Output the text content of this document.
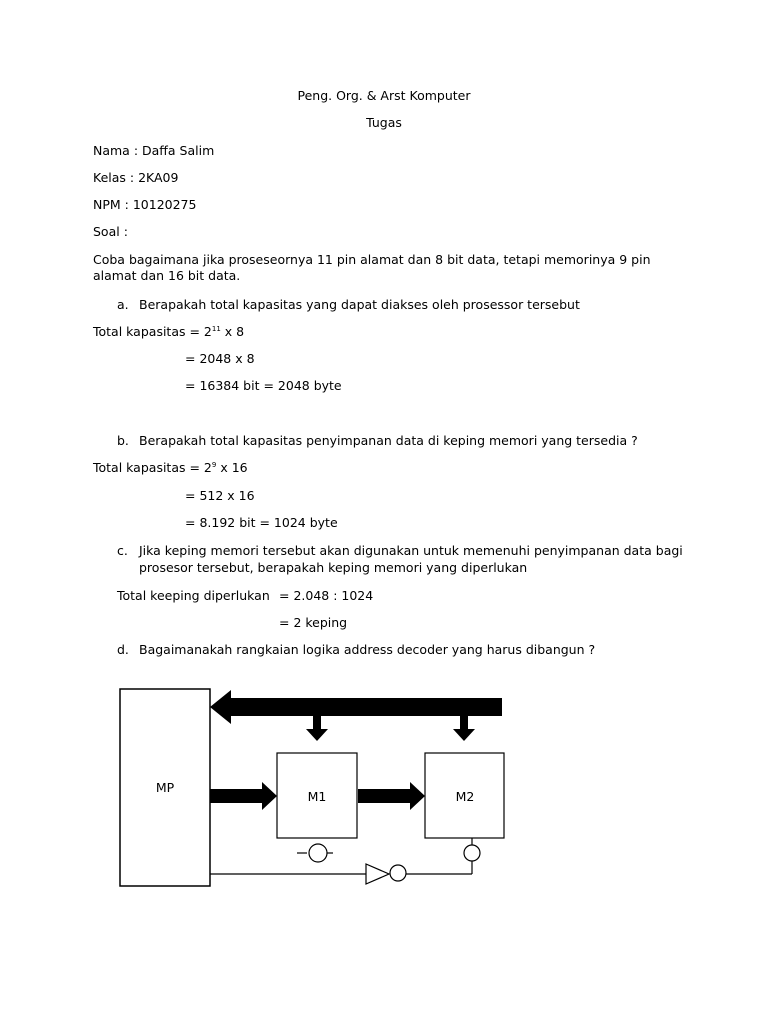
Peng. Org. & Arst Komputer
Tugas
Nama : Daffa Salim
Kelas : 2KA09
NPM : 10120275
Soal :
Coba bagaimana jika proseseornya 11 pin alamat dan 8 bit data, tetapi memorinya 9 pin alamat dan 16 bit data.
a. Berapakah total kapasitas yang dapat diakses oleh prosessor tersebut
Total kapasitas = $2^{11}$ x 8
= 2048 x 8
= 16384 bit = 2048 byte
b. Berapakah total kapasitas penyimpanan data di keping memori yang tersedia ?
Total kapasitas = $2^9$ x 16
= 512 x 16
= 8.192 bit = 1024 byte
c. Jika keping memori tersebut akan digunakan untuk memenuhi penyimpanan data bagi
prosesor tersebut, berapakah keping memori yang diperlukan
Total keeping diperlukan = 2.048 : 1024
= 2 keping
d. Bagaimanakah rangkaian logika address decoder yang harus dibangun ?
MP
M1	M2
